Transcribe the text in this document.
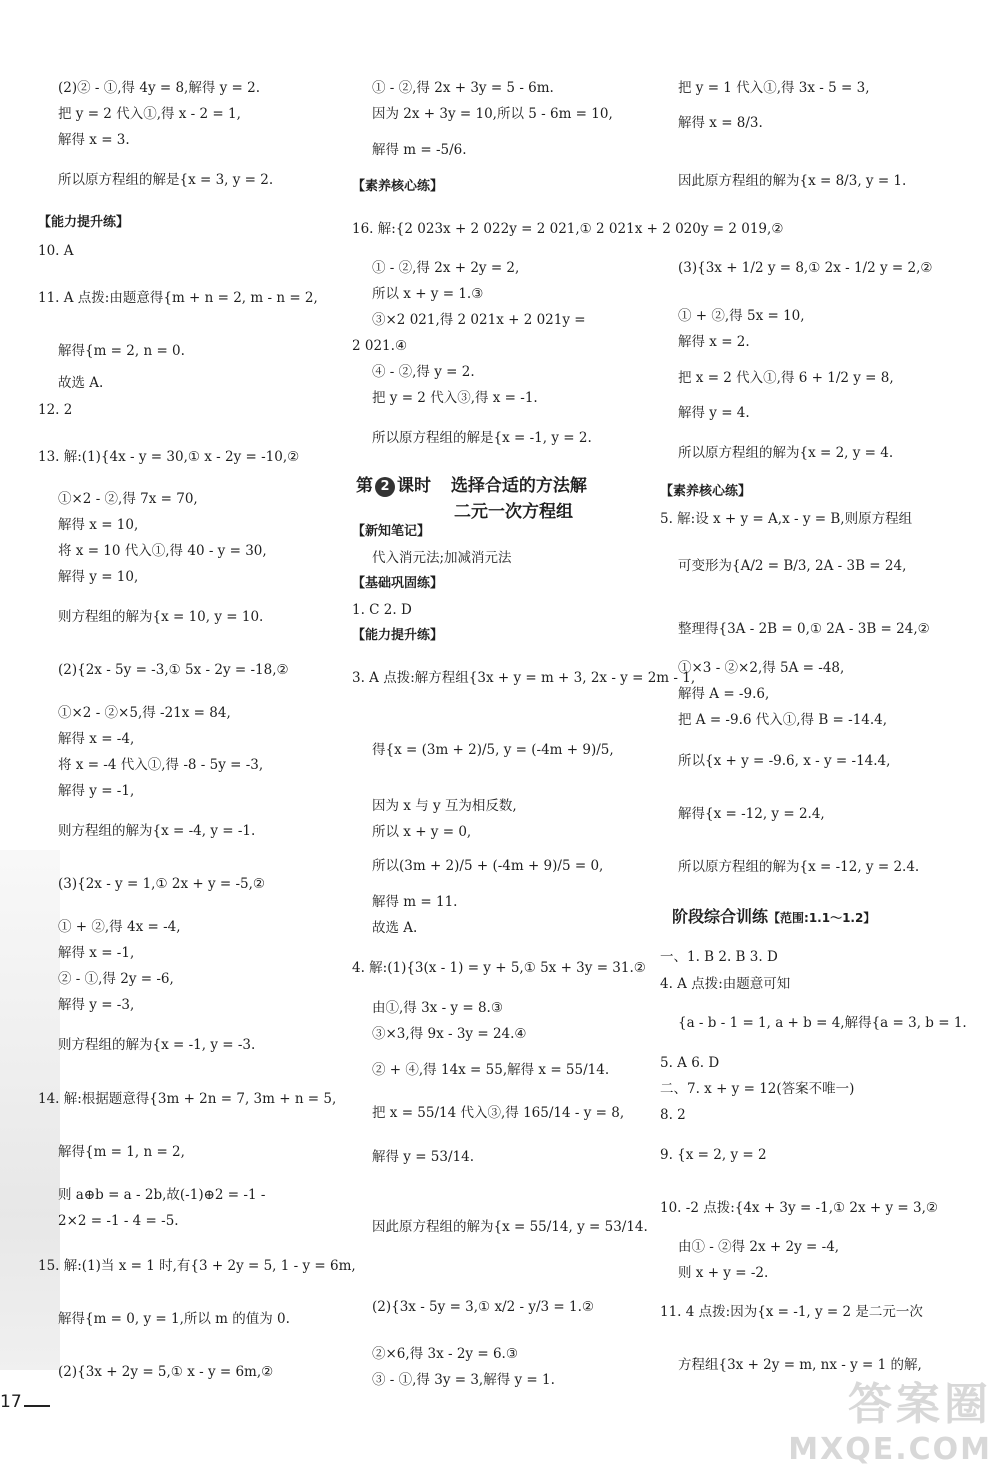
(2)② - ①,得 4y = 8,解得 y = 2.
把 y = 2 代入①,得 x - 2 = 1,
解得 x = 3.
所以原方程组的解是{x = 3, y = 2.
【能力提升练】
10. A
11. A 点拨:由题意得{m + n = 2, m - n = 2,
解得{m = 2, n = 0.
故选 A.
12. 2
13. 解:(1){4x - y = 30,① x - 2y = -10,②
①×2 - ②,得 7x = 70,
解得 x = 10,
将 x = 10 代入①,得 40 - y = 30,
解得 y = 10,
则方程组的解为{x = 10, y = 10.
(2){2x - 5y = -3,① 5x - 2y = -18,②
①×2 - ②×5,得 -21x = 84,
解得 x = -4,
将 x = -4 代入①,得 -8 - 5y = -3,
解得 y = -1,
则方程组的解为{x = -4, y = -1.
(3){2x - y = 1,① 2x + y = -5,②
① + ②,得 4x = -4,
解得 x = -1,
② - ①,得 2y = -6,
解得 y = -3,
则方程组的解为{x = -1, y = -3.
14. 解:根据题意得{3m + 2n = 7, 3m + n = 5,
解得{m = 1, n = 2,
则 a⊕b = a - 2b,故(-1)⊕2 = -1 -
2×2 = -1 - 4 = -5.
15. 解:(1)当 x = 1 时,有{3 + 2y = 5, 1 - y = 6m,
解得{m = 0, y = 1,所以 m 的值为 0.
(2){3x + 2y = 5,① x - y = 6m,②
① - ②,得 2x + 3y = 5 - 6m.
因为 2x + 3y = 10,所以 5 - 6m = 10,
解得 m = -5/6.
【素养核心练】
16. 解:{2 023x + 2 022y = 2 021,① 2 021x + 2 020y = 2 019,②
① - ②,得 2x + 2y = 2,
所以 x + y = 1.③
③×2 021,得 2 021x + 2 021y =
2 021.④
④ - ②,得 y = 2.
把 y = 2 代入③,得 x = -1.
所以原方程组的解是{x = -1, y = 2.
第 2 课时 选择合适的方法解
二元一次方程组
【新知笔记】
代入消元法;加减消元法
【基础巩固练】
1. C 2. D
【能力提升练】
3. A 点拨:解方程组{3x + y = m + 3, 2x - y = 2m - 1,
得{x = (3m + 2)/5, y = (-4m + 9)/5,
因为 x 与 y 互为相反数,
所以 x + y = 0,
所以(3m + 2)/5 + (-4m + 9)/5 = 0,
解得 m = 11.
故选 A.
4. 解:(1){3(x - 1) = y + 5,① 5x + 3y = 31.②
由①,得 3x - y = 8.③
③×3,得 9x - 3y = 24.④
② + ④,得 14x = 55,解得 x = 55/14.
把 x = 55/14 代入③,得 165/14 - y = 8,
解得 y = 53/14.
因此原方程组的解为{x = 55/14, y = 53/14.
(2){3x - 5y = 3,① x/2 - y/3 = 1.②
②×6,得 3x - 2y = 6.③
③ - ①,得 3y = 3,解得 y = 1.
把 y = 1 代入①,得 3x - 5 = 3,
解得 x = 8/3.
因此原方程组的解为{x = 8/3, y = 1.
(3){3x + 1/2 y = 8,① 2x - 1/2 y = 2,②
① + ②,得 5x = 10,
解得 x = 2.
把 x = 2 代入①,得 6 + 1/2 y = 8,
解得 y = 4.
所以原方程组的解为{x = 2, y = 4.
【素养核心练】
5. 解:设 x + y = A,x - y = B,则原方程组
可变形为{A/2 = B/3, 2A - 3B = 24,
整理得{3A - 2B = 0,① 2A - 3B = 24,②
①×3 - ②×2,得 5A = -48,
解得 A = -9.6,
把 A = -9.6 代入①,得 B = -14.4,
所以{x + y = -9.6, x - y = -14.4,
解得{x = -12, y = 2.4,
所以原方程组的解为{x = -12, y = 2.4.
阶段综合训练【范围:1.1～1.2】
一、1. B 2. B 3. D
4. A 点拨:由题意可知
{a - b - 1 = 1, a + b = 4,解得{a = 3, b = 1.
5. A 6. D
二、7. x + y = 12(答案不唯一)
8. 2
9. {x = 2, y = 2
10. -2 点拨:{4x + 3y = -1,① 2x + y = 3,②
由① - ②得 2x + 2y = -4,
则 x + y = -2.
11. 4 点拨:因为{x = -1, y = 2 是二元一次
方程组{3x + 2y = m, nx - y = 1 的解,
17	答案圈
MXQE.COM
